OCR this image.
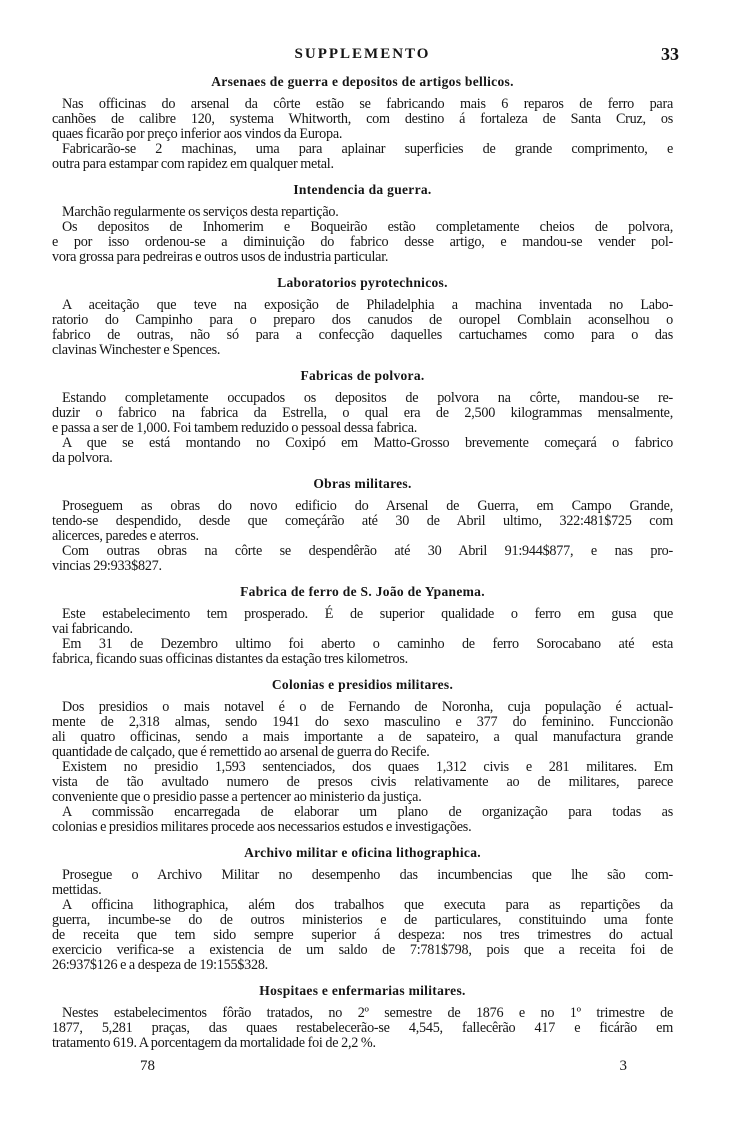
SUPPLEMENTO	33
Arsenaes de guerra e depositos de artigos bellicos.
Nas officinas do arsenal da côrte estão se fabricando mais 6 reparos de ferro para
canhões de calibre 120, systema Whitworth, com destino á fortaleza de Santa Cruz, os
quaes ficarão por preço inferior aos vindos da Europa.
Fabricarão-se 2 machinas, uma para aplainar superficies de grande comprimento, e
outra para estampar com rapidez em qualquer metal.
Intendencia da guerra.
Marchão regularmente os serviços desta repartição.
Os depositos de Inhomerim e Boqueirão estão completamente cheios de polvora,
e por isso ordenou-se a diminuição do fabrico desse artigo, e mandou-se vender pol-
vora grossa para pedreiras e outros usos de industria particular.
Laboratorios pyrotechnicos.
A aceitação que teve na exposição de Philadelphia a machina inventada no Labo-
ratorio do Campinho para o preparo dos canudos de ouropel Comblain aconselhou o
fabrico de outras, não só para a confecção daquelles cartuchames como para o das
clavinas Winchester e Spences.
Fabricas de polvora.
Estando completamente occupados os depositos de polvora na côrte, mandou-se re-
duzir o fabrico na fabrica da Estrella, o qual era de 2,500 kilogrammas mensalmente,
e passa a ser de 1,000. Foi tambem reduzido o pessoal dessa fabrica.
A que se está montando no Coxipó em Matto-Grosso brevemente começará o fabrico
da polvora.
Obras militares.
Proseguem as obras do novo edificio do Arsenal de Guerra, em Campo Grande,
tendo-se despendido, desde que começárão até 30 de Abril ultimo, 322:481$725 com
alicerces, paredes e aterros.
Com outras obras na côrte se despendêrão até 30 Abril 91:944$877, e nas pro-
vincias 29:933$827.
Fabrica de ferro de S. João de Ypanema.
Este estabelecimento tem prosperado. É de superior qualidade o ferro em gusa que
vai fabricando.
Em 31 de Dezembro ultimo foi aberto o caminho de ferro Sorocabano até esta
fabrica, ficando suas officinas distantes da estação tres kilometros.
Colonias e presidios militares.
Dos presidios o mais notavel é o de Fernando de Noronha, cuja população é actual-
mente de 2,318 almas, sendo 1941 do sexo masculino e 377 do feminino. Funccionão
ali quatro officinas, sendo a mais importante a de sapateiro, a qual manufactura grande
quantidade de calçado, que é remettido ao arsenal de guerra do Recife.
Existem no presidio 1,593 sentenciados, dos quaes 1,312 civis e 281 militares. Em
vista de tão avultado numero de presos civis relativamente ao de militares, parece
conveniente que o presidio passe a pertencer ao ministerio da justiça.
A commissão encarregada de elaborar um plano de organização para todas as
colonias e presidios militares procede aos necessarios estudos e investigações.
Archivo militar e oficina lithographica.
Prosegue o Archivo Militar no desempenho das incumbencias que lhe são com-
mettidas.
A officina lithographica, além dos trabalhos que executa para as repartições da
guerra, incumbe-se do de outros ministerios e de particulares, constituindo uma fonte
de receita que tem sido sempre superior á despeza: nos tres trimestres do actual
exercicio verifica-se a existencia de um saldo de 7:781$798, pois que a receita foi de
26:937$126 e a despeza de 19:155$328.
Hospitaes e enfermarias militares.
Nestes estabelecimentos fôrão tratados, no 2º semestre de 1876 e no 1º trimestre de
1877, 5,281 praças, das quaes restabelecerão-se 4,545, fallecêrão 417 e ficárão em
tratamento 619. A porcentagem da mortalidade foi de 2,2 %.
78	3
